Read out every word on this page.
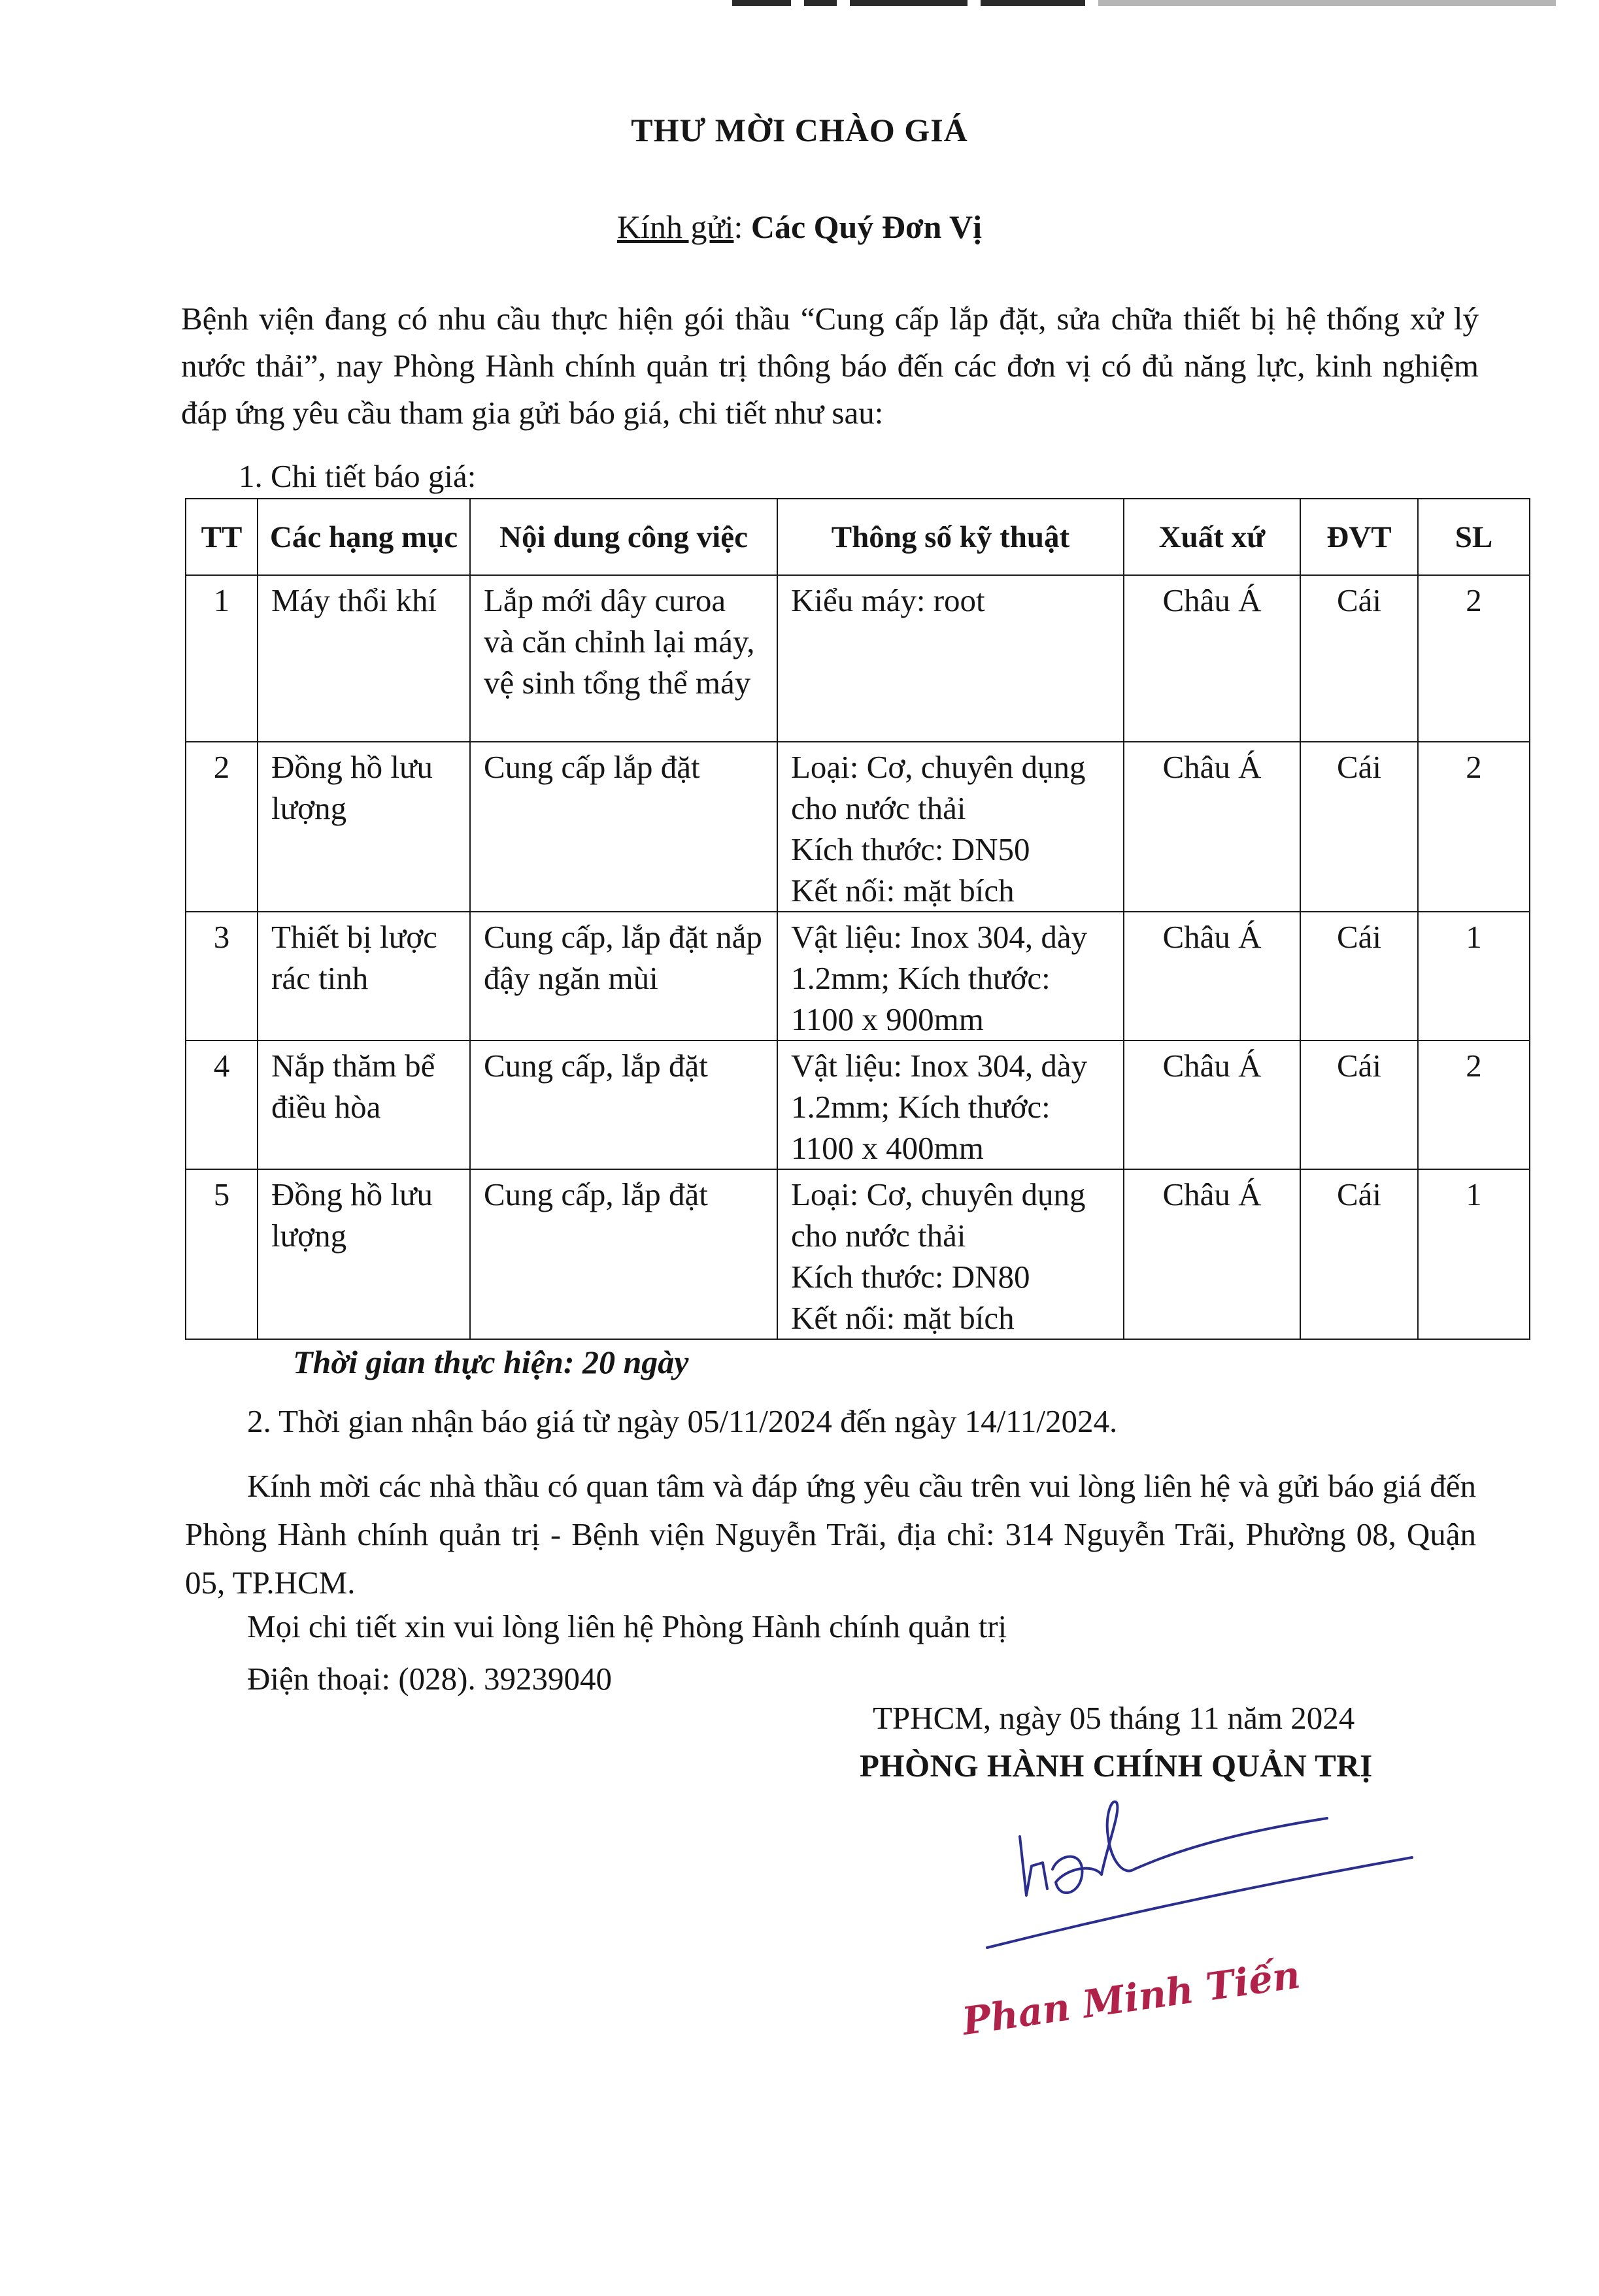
THƯ MỜI CHÀO GIÁ
Kính gửi: Các Quý Đơn Vị
Bệnh viện đang có nhu cầu thực hiện gói thầu “Cung cấp lắp đặt, sửa chữa thiết bị hệ thống xử lý nước thải”, nay Phòng Hành chính quản trị thông báo đến các đơn vị có đủ năng lực, kinh nghiệm đáp ứng yêu cầu tham gia gửi báo giá, chi tiết như sau:
1. Chi tiết báo giá:
TT	Các hạng mục	Nội dung công việc	Thông số kỹ thuật	Xuất xứ	ĐVT	SL
1	Máy thổi khí	Lắp mới dây curoa và căn chỉnh lại máy, vệ sinh tổng thể máy	Kiểu máy: root	Châu Á	Cái	2
2	Đồng hồ lưu lượng	Cung cấp lắp đặt	Loại: Cơ, chuyên dụng cho nước thải
Kích thước: DN50
Kết nối: mặt bích	Châu Á	Cái	2
3	Thiết bị lược rác tinh	Cung cấp, lắp đặt nắp đậy ngăn mùi	Vật liệu: Inox 304, dày 1.2mm; Kích thước: 1100 x 900mm	Châu Á	Cái	1
4	Nắp thăm bể điều hòa	Cung cấp, lắp đặt	Vật liệu: Inox 304, dày 1.2mm; Kích thước: 1100 x 400mm	Châu Á	Cái	2
5	Đồng hồ lưu lượng	Cung cấp, lắp đặt	Loại: Cơ, chuyên dụng cho nước thải
Kích thước: DN80
Kết nối: mặt bích	Châu Á	Cái	1
Thời gian thực hiện: 20 ngày
2. Thời gian nhận báo giá từ ngày 05/11/2024 đến ngày 14/11/2024.
Kính mời các nhà thầu có quan tâm và đáp ứng yêu cầu trên vui lòng liên hệ và gửi báo giá đến Phòng Hành chính quản trị - Bệnh viện Nguyễn Trãi, địa chỉ: 314 Nguyễn Trãi, Phường 08, Quận 05, TP.HCM.
Mọi chi tiết xin vui lòng liên hệ Phòng Hành chính quản trị
Điện thoại: (028). 39239040
TPHCM, ngày 05 tháng 11 năm 2024
PHÒNG HÀNH CHÍNH QUẢN TRỊ
Phan Minh Tiến
